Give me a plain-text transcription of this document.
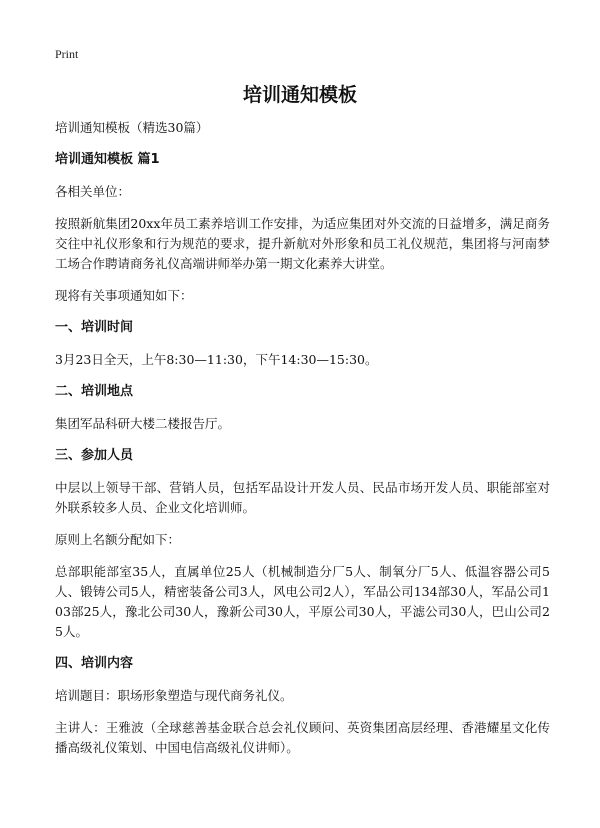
Print
培训通知模板
培训通知模板（精选30篇）
培训通知模板 篇1
各相关单位：
按照新航集团20xx年员工素养培训工作安排，为适应集团对外交流的日益增多，满足商务交往中礼仪形象和行为规范的要求，提升新航对外形象和员工礼仪规范，集团将与河南梦工场合作聘请商务礼仪高端讲师举办第一期文化素养大讲堂。
现将有关事项通知如下：
一、培训时间
3月23日全天，上午8:30—11:30，下午14:30—15:30。
二、培训地点
集团军品科研大楼二楼报告厅。
三、参加人员
中层以上领导干部、营销人员，包括军品设计开发人员、民品市场开发人员、职能部室对外联系较多人员、企业文化培训师。
原则上名额分配如下：
总部职能部室35人，直属单位25人（机械制造分厂5人、制氧分厂5人、低温容器公司5人、锻铸公司5人，精密装备公司3人，风电公司2人），军品公司134部30人，军品公司103部25人，豫北公司30人，豫新公司30人，平原公司30人，平滤公司30人，巴山公司25人。
四、培训内容
培训题目：职场形象塑造与现代商务礼仪。
主讲人：王雅波（全球慈善基金联合总会礼仪顾问、英资集团高层经理、香港耀星文化传播高级礼仪策划、中国电信高级礼仪讲师）。
